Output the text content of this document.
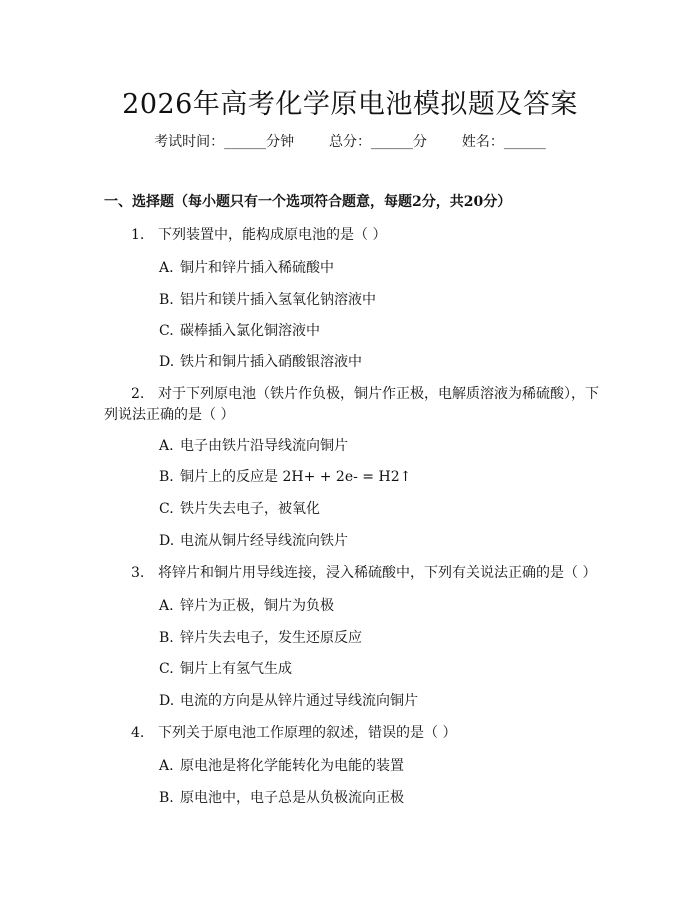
2026年高考化学原电池模拟题及答案
考试时间：______分钟 总分：______分 姓名：______
一、选择题（每小题只有一个选项符合题意，每题2分，共20分）
1. 下列装置中，能构成原电池的是（ ）
A. 铜片和锌片插入稀硫酸中
B. 铝片和镁片插入氢氧化钠溶液中
C. 碳棒插入氯化铜溶液中
D. 铁片和铜片插入硝酸银溶液中
2. 对于下列原电池（铁片作负极，铜片作正极，电解质溶液为稀硫酸），下
列说法正确的是（ ）
A. 电子由铁片沿导线流向铜片
B. 铜片上的反应是 2H+ + 2e- = H2↑
C. 铁片失去电子，被氧化
D. 电流从铜片经导线流向铁片
3. 将锌片和铜片用导线连接，浸入稀硫酸中，下列有关说法正确的是（ ）
A. 锌片为正极，铜片为负极
B. 锌片失去电子，发生还原反应
C. 铜片上有氢气生成
D. 电流的方向是从锌片通过导线流向铜片
4. 下列关于原电池工作原理的叙述，错误的是（ ）
A. 原电池是将化学能转化为电能的装置
B. 原电池中，电子总是从负极流向正极
